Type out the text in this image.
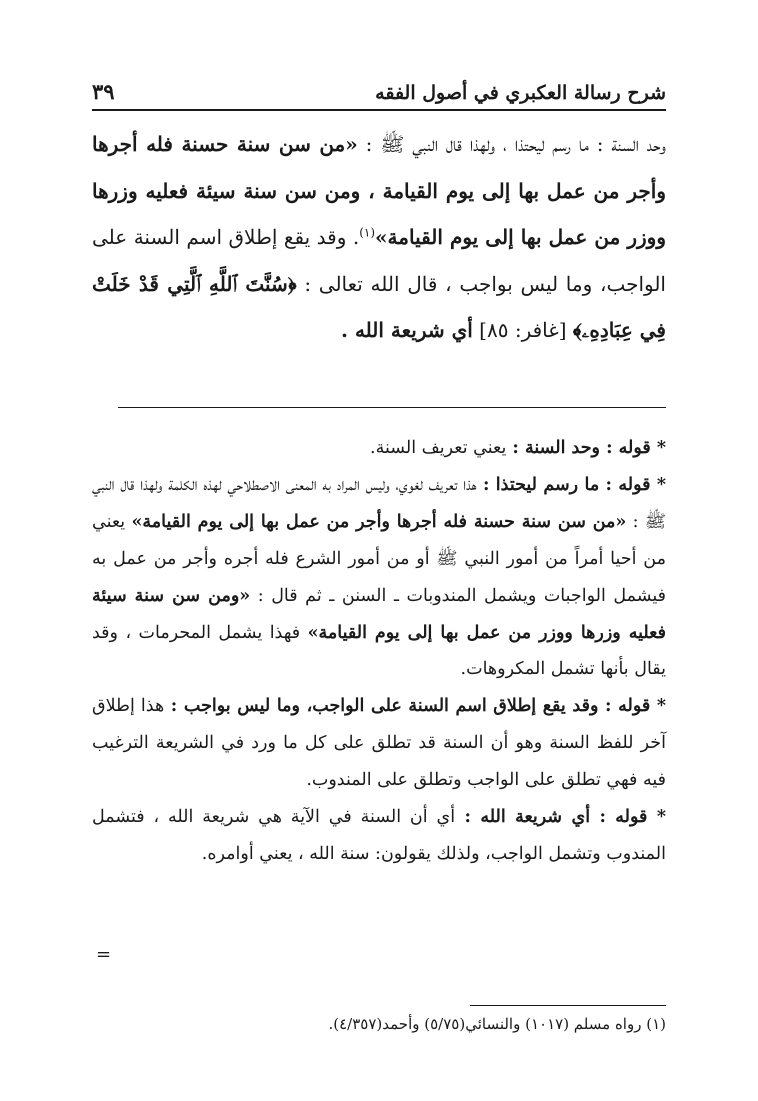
شرح رسالة العكبري في أصول الفقه
٣٩

وحد السنة : ما رسم ليحتذا ، ولهذا قال النبي ﷺ : «من سن سنة حسنة فله أجرها وأجر من عمل بها إلى يوم القيامة ، ومن سن سنة سيئة فعليه وزرها ووزر من عمل بها إلى يوم القيامة»$^{(١)}$. وقد يقع إطلاق اسم السنة على الواجب، وما ليس بواجب ، قال الله تعالى : ﴿سُنَّتَ ٱللَّهِ ٱلَّتِي قَدْ خَلَتْ فِي عِبَادِهِۦ﴾ [غافر: ٨٥] أي شريعة الله .

* قوله : وحد السنة : يعني تعريف السنة.

* قوله : ما رسم ليحتذا : هذا تعريف لغوي، وليس المراد به المعنى الاصطلاحي لهذه الكلمة ولهذا قال النبي ﷺ : «من سن سنة حسنة فله أجرها وأجر من عمل بها إلى يوم القيامة» يعني من أحيا أمراً من أمور النبي ﷺ أو من أمور الشرع فله أجره وأجر من عمل به فيشمل الواجبات ويشمل المندوبات ـ السنن ـ ثم قال : «ومن سن سنة سيئة فعليه وزرها ووزر من عمل بها إلى يوم القيامة» فهذا يشمل المحرمات ، وقد يقال بأنها تشمل المكروهات.

* قوله : وقد يقع إطلاق اسم السنة على الواجب، وما ليس بواجب : هذا إطلاق آخر للفظ السنة وهو أن السنة قد تطلق على كل ما ورد في الشريعة الترغيب فيه فهي تطلق على الواجب وتطلق على المندوب.

* قوله : أي شريعة الله : أي أن السنة في الآية هي شريعة الله ، فتشمل المندوب وتشمل الواجب، ولذلك يقولون: سنة الله ، يعني أوامره.

=
(١) رواه مسلم (١٠١٧) والنسائي(٥/٧٥) وأحمد(٤/٣٥٧).
